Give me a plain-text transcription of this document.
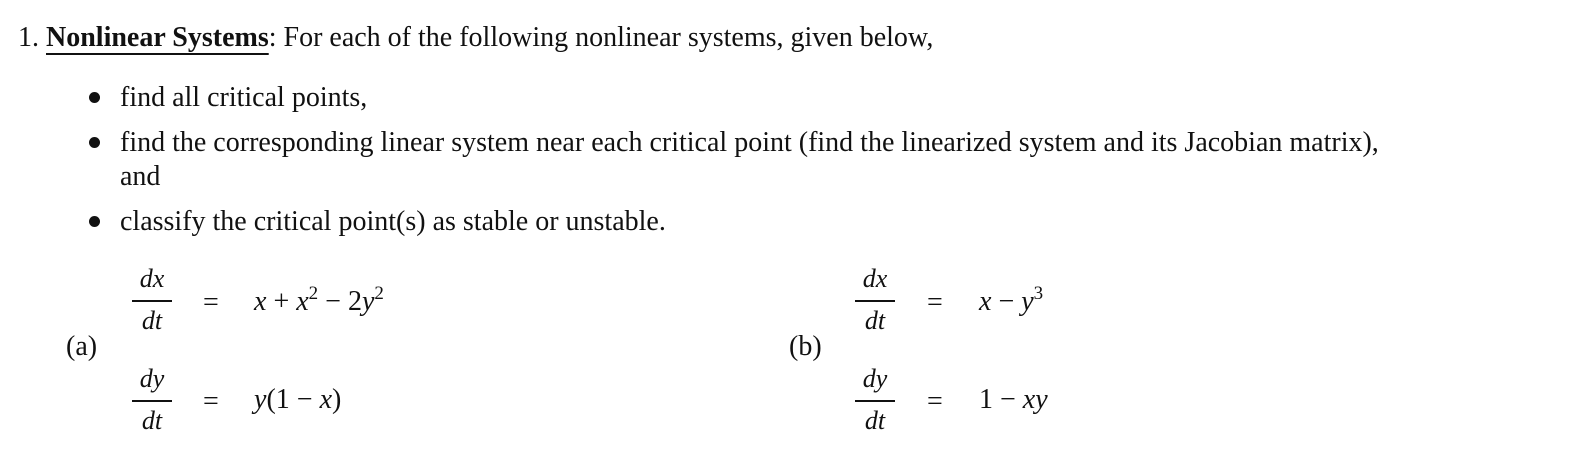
1. Nonlinear Systems: For each of the following nonlinear systems, given below,
find all critical points,
find the corresponding linear system near each critical point (find the linearized system and its Jacobian matrix),
and
classify the critical point(s) as stable or unstable.
(a)
dx
dt
= $x + x^2 - 2y^2$
dy
dt
= y(1 − x)
(b)
dx
dt
= $x - y^3$
dy
dt
= 1 − xy
